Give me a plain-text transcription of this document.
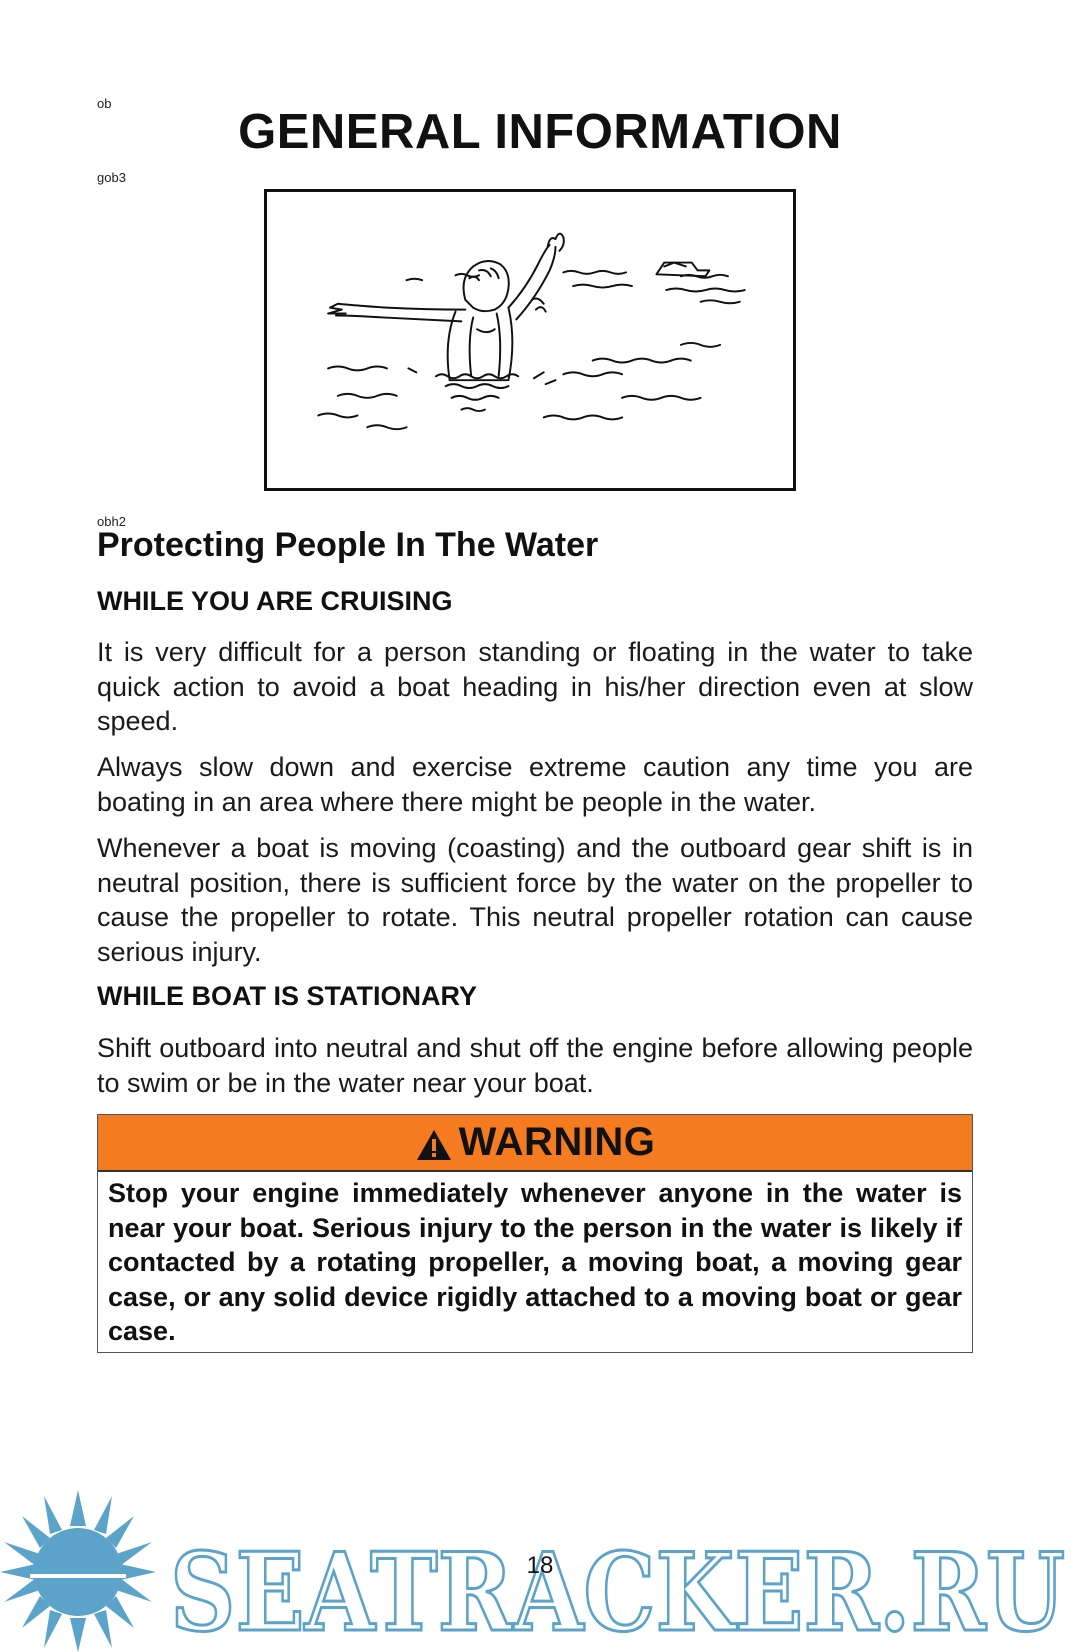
ob
GENERAL INFORMATION
gob3
obh2
Protecting People In The Water
WHILE YOU ARE CRUISING

It is very difficult for a person standing or floating in the water to take quick action to avoid a boat heading in his/her direction even at slow speed.

Always slow down and exercise extreme caution any time you are boating in an area where there might be people in the water.

Whenever a boat is moving (coasting) and the outboard gear shift is in neutral position, there is sufficient force by the water on the propeller to cause the propeller to rotate. This neutral propeller rotation can cause serious injury.

WHILE BOAT IS STATIONARY

Shift outboard into neutral and shut off the engine before allowing people to swim or be in the water near your boat.

WARNING

Stop your engine immediately whenever anyone in the water is near your boat. Serious injury to the person in the water is likely if contacted by a rotating propeller, a moving boat, a moving gear case, or any solid device rigidly attached to a moving boat or gear case.

SEATRACKER.RU
18
